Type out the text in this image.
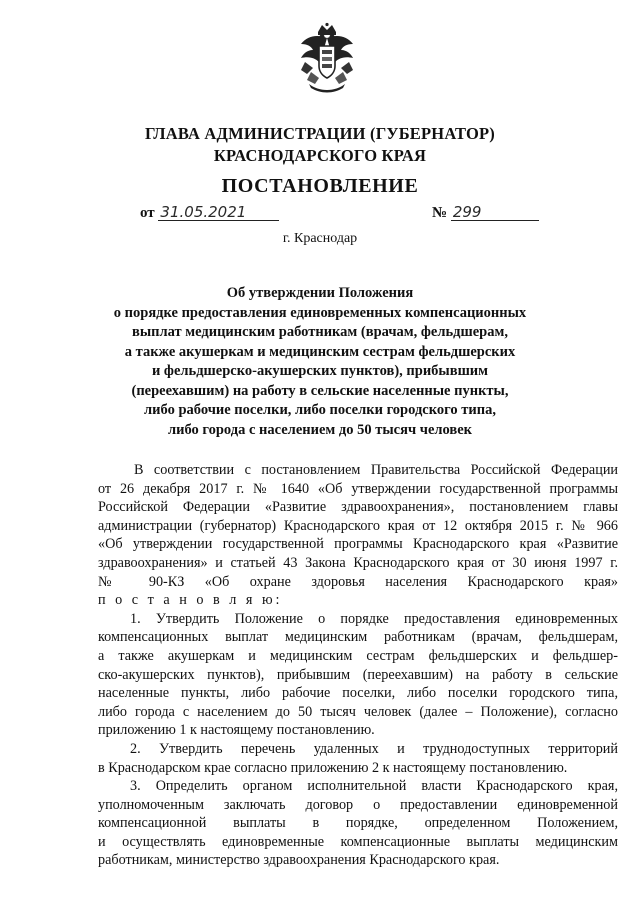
ГЛАВА АДМИНИСТРАЦИИ (ГУБЕРНАТОР)
КРАСНОДАРСКОГО КРАЯ
ПОСТАНОВЛЕНИЕ
от 31.05.2021	№ 299
г. Краснодар
Об утверждении Положения
о порядке предоставления единовременных компенсационных
выплат медицинским работникам (врачам, фельдшерам,
а также акушеркам и медицинским сестрам фельдшерских
и фельдшерско-акушерских пунктов), прибывшим
(переехавшим) на работу в сельские населенные пункты,
либо рабочие поселки, либо поселки городского типа,
либо города с населением до 50 тысяч человек
В соответствии с постановлением Правительства Российской Федерации
от 26 декабря 2017 г. № 1640 «Об утверждении государственной программы
Российской Федерации «Развитие здравоохранения», постановлением главы
администрации (губернатор) Краснодарского края от 12 октября 2015 г. № 966
«Об утверждении государственной программы Краснодарского края «Развитие
здравоохранения» и статьей 43 Закона Краснодарского края от 30 июня 1997 г.
№ 90-КЗ «Об охране здоровья населения Краснодарского края»
п о с т а н о в л я ю:
1. Утвердить Положение о порядке предоставления единовременных
компенсационных выплат медицинским работникам (врачам, фельдшерам,
а также акушеркам и медицинским сестрам фельдшерских и фельдшер-
ско-акушерских пунктов), прибывшим (переехавшим) на работу в сельские
населенные пункты, либо рабочие поселки, либо поселки городского типа,
либо города с населением до 50 тысяч человек (далее – Положение), согласно
приложению 1 к настоящему постановлению.
2. Утвердить перечень удаленных и труднодоступных территорий
в Краснодарском крае согласно приложению 2 к настоящему постановлению.
3. Определить органом исполнительной власти Краснодарского края,
уполномоченным заключать договор о предоставлении единовременной
компенсационной выплаты в порядке, определенном Положением,
и осуществлять единовременные компенсационные выплаты медицинским
работникам, министерство здравоохранения Краснодарского края.
